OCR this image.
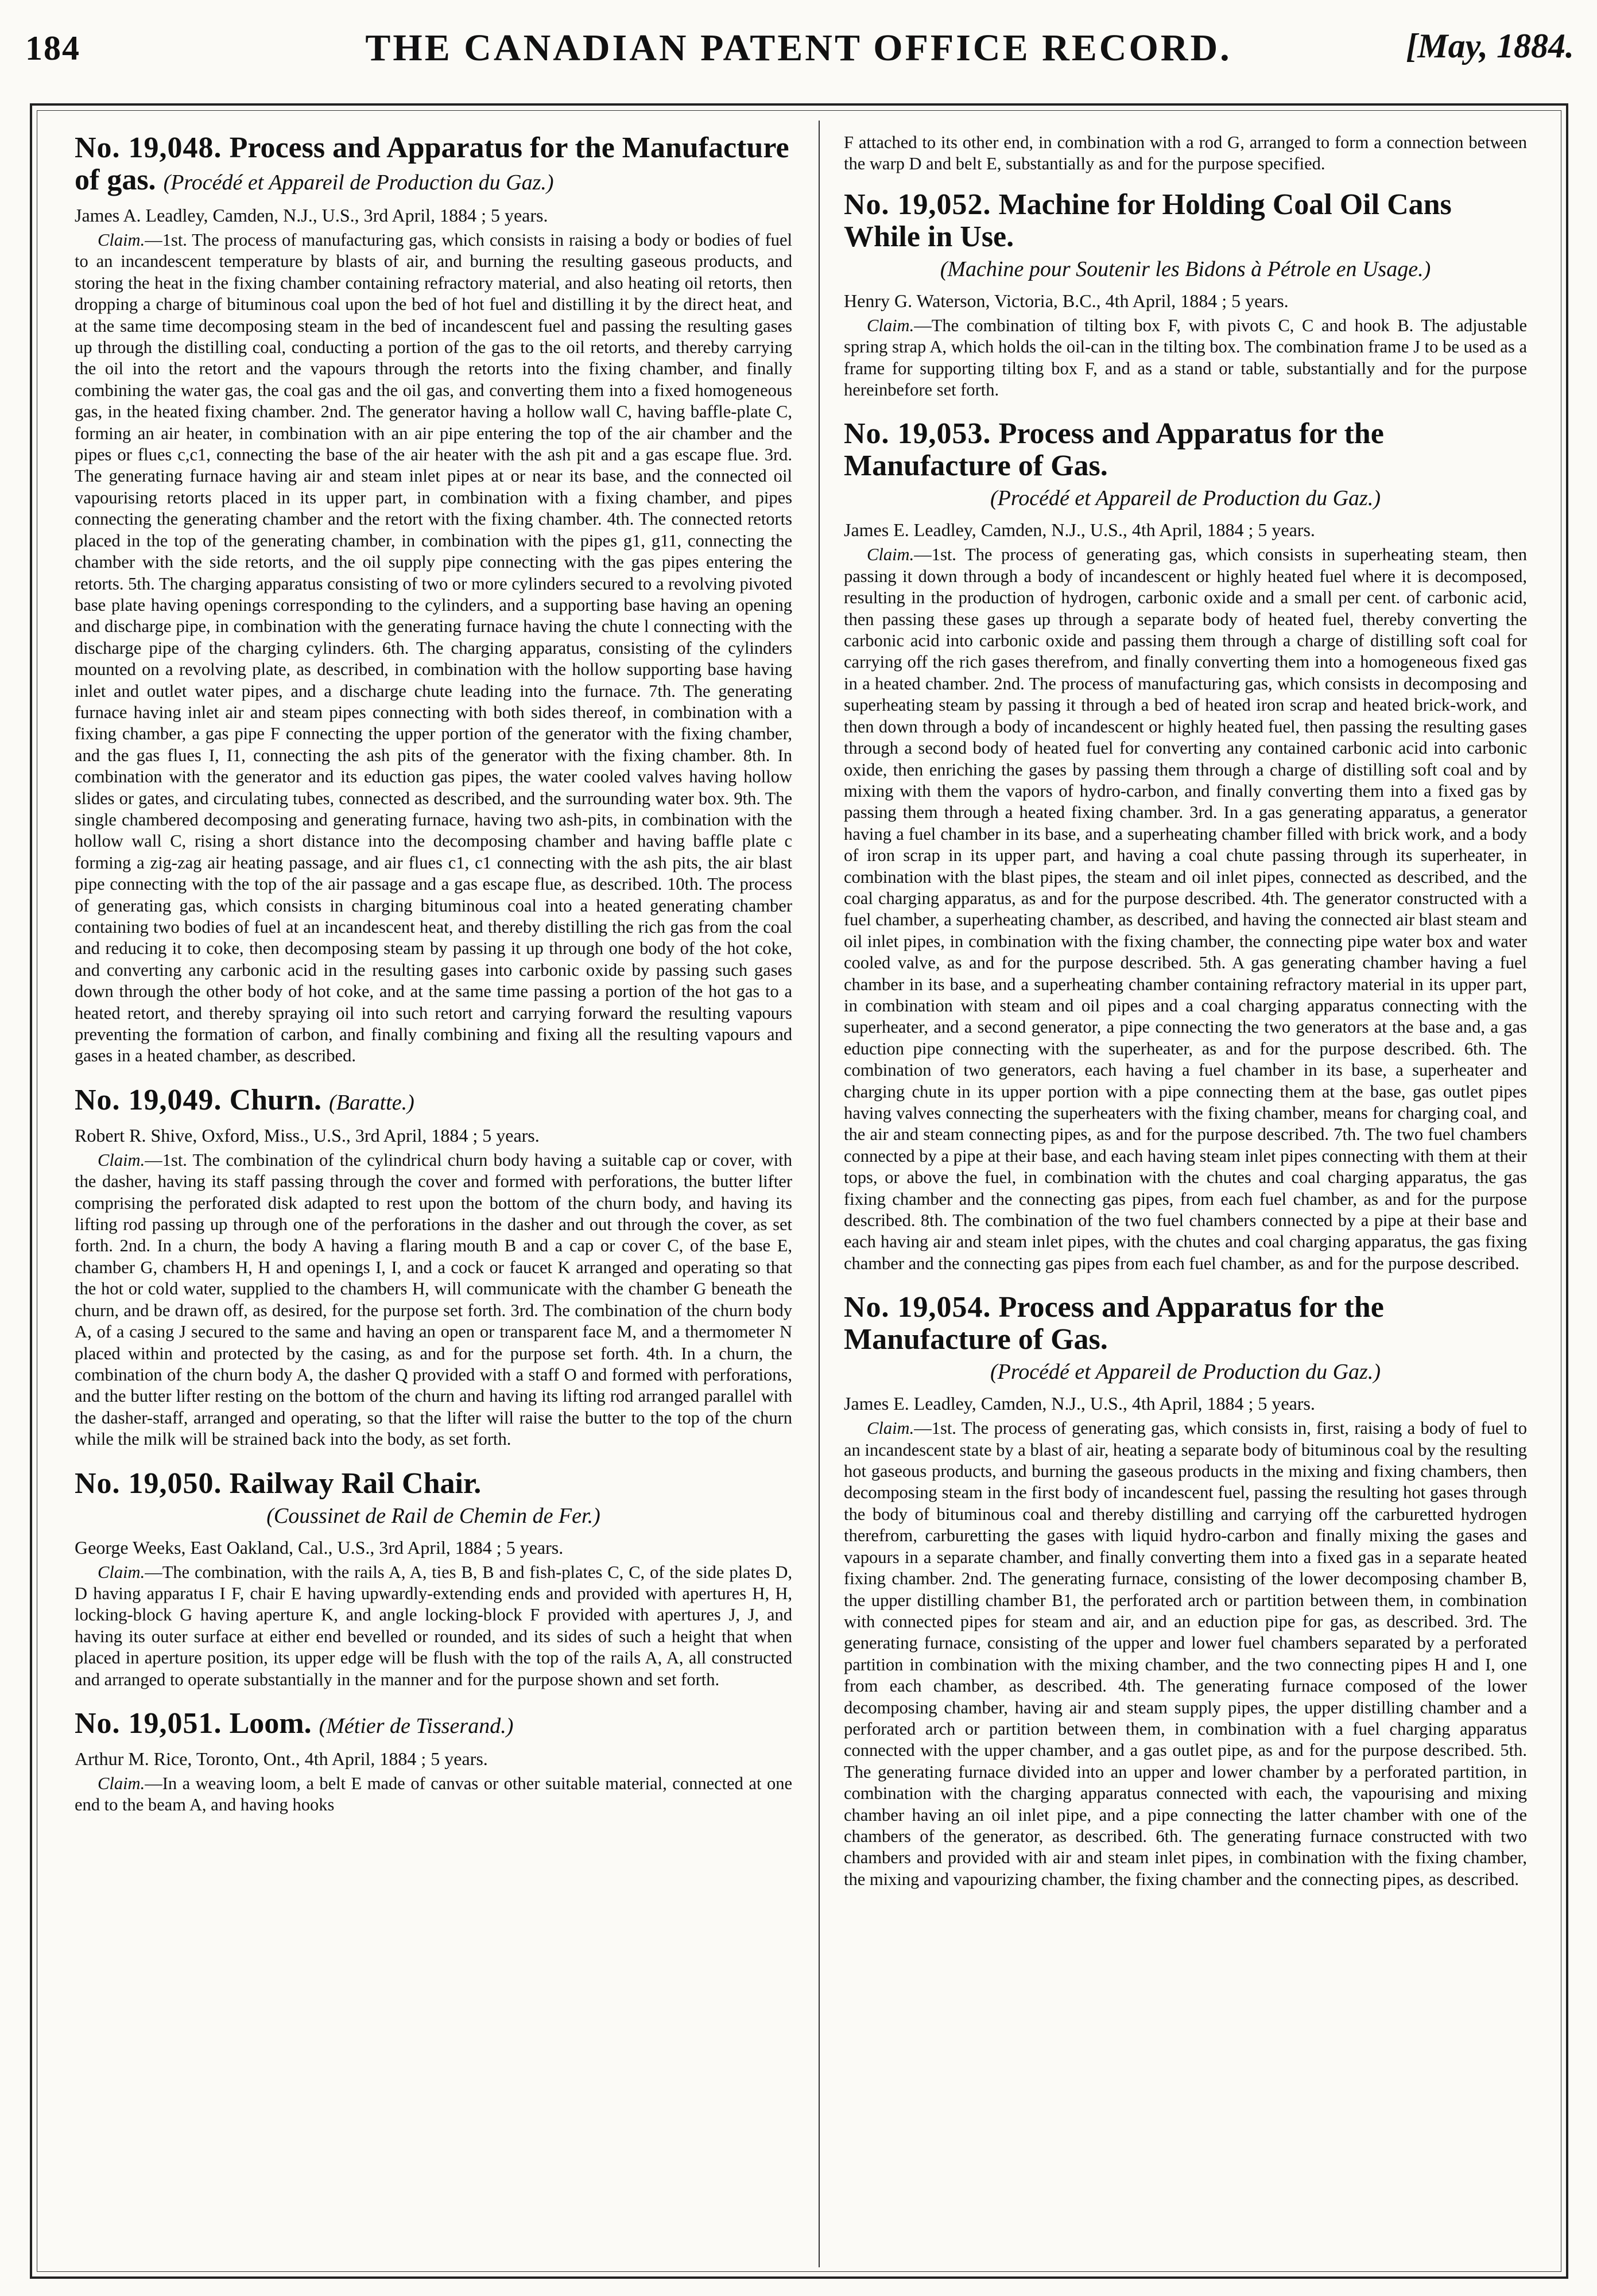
184	THE CANADIAN PATENT OFFICE RECORD.	[May, 1884.
No. 19,048. Process and Apparatus for the Manufacture of gas. (Procédé et Appareil de Production du Gaz.)

James A. Leadley, Camden, N.J., U.S., 3rd April, 1884 ; 5 years.

Claim.—1st. The process of manufacturing gas, which consists in raising a body or bodies of fuel to an incandescent temperature by blasts of air, and burning the resulting gaseous products, and storing the heat in the fixing chamber containing refractory material, and also heating oil retorts, then dropping a charge of bituminous coal upon the bed of hot fuel and distilling it by the direct heat, and at the same time decomposing steam in the bed of incandescent fuel and passing the resulting gases up through the distilling coal, conducting a portion of the gas to the oil retorts, and thereby carrying the oil into the retort and the vapours through the retorts into the fixing chamber, and finally combining the water gas, the coal gas and the oil gas, and converting them into a fixed homogeneous gas, in the heated fixing chamber. 2nd. The generator having a hollow wall C, having baffle-plate C, forming an air heater, in combination with an air pipe entering the top of the air chamber and the pipes or flues c,c1, connecting the base of the air heater with the ash pit and a gas escape flue. 3rd. The generating furnace having air and steam inlet pipes at or near its base, and the connected oil vapourising retorts placed in its upper part, in combination with a fixing chamber, and pipes connecting the generating chamber and the retort with the fixing chamber. 4th. The connected retorts placed in the top of the generating chamber, in combination with the pipes g1, g11, connecting the chamber with the side retorts, and the oil supply pipe connecting with the gas pipes entering the retorts. 5th. The charging apparatus consisting of two or more cylinders secured to a revolving pivoted base plate having openings corresponding to the cylinders, and a supporting base having an opening and discharge pipe, in combination with the generating furnace having the chute l connecting with the discharge pipe of the charging cylinders. 6th. The charging apparatus, consisting of the cylinders mounted on a revolving plate, as described, in combination with the hollow supporting base having inlet and outlet water pipes, and a discharge chute leading into the furnace. 7th. The generating furnace having inlet air and steam pipes connecting with both sides thereof, in combination with a fixing chamber, a gas pipe F connecting the upper portion of the generator with the fixing chamber, and the gas flues I, I1, connecting the ash pits of the generator with the fixing chamber. 8th. In combination with the generator and its eduction gas pipes, the water cooled valves having hollow slides or gates, and circulating tubes, connected as described, and the surrounding water box. 9th. The single chambered decomposing and generating furnace, having two ash-pits, in combination with the hollow wall C, rising a short distance into the decomposing chamber and having baffle plate c forming a zig-zag air heating passage, and air flues c1, c1 connecting with the ash pits, the air blast pipe connecting with the top of the air passage and a gas escape flue, as described. 10th. The process of generating gas, which consists in charging bituminous coal into a heated generating chamber containing two bodies of fuel at an incandescent heat, and thereby distilling the rich gas from the coal and reducing it to coke, then decomposing steam by passing it up through one body of the hot coke, and converting any carbonic acid in the resulting gases into carbonic oxide by passing such gases down through the other body of hot coke, and at the same time passing a portion of the hot gas to a heated retort, and thereby spraying oil into such retort and carrying forward the resulting vapours preventing the formation of carbon, and finally combining and fixing all the resulting vapours and gases in a heated chamber, as described.

No. 19,049. Churn. (Baratte.)

Robert R. Shive, Oxford, Miss., U.S., 3rd April, 1884 ; 5 years.

Claim.—1st. The combination of the cylindrical churn body having a suitable cap or cover, with the dasher, having its staff passing through the cover and formed with perforations, the butter lifter comprising the perforated disk adapted to rest upon the bottom of the churn body, and having its lifting rod passing up through one of the perforations in the dasher and out through the cover, as set forth. 2nd. In a churn, the body A having a flaring mouth B and a cap or cover C, of the base E, chamber G, chambers H, H and openings I, I, and a cock or faucet K arranged and operating so that the hot or cold water, supplied to the chambers H, will communicate with the chamber G beneath the churn, and be drawn off, as desired, for the purpose set forth. 3rd. The combination of the churn body A, of a casing J secured to the same and having an open or transparent face M, and a thermometer N placed within and protected by the casing, as and for the purpose set forth. 4th. In a churn, the combination of the churn body A, the dasher Q provided with a staff O and formed with perforations, and the butter lifter resting on the bottom of the churn and having its lifting rod arranged parallel with the dasher-staff, arranged and operating, so that the lifter will raise the butter to the top of the churn while the milk will be strained back into the body, as set forth.

No. 19,050. Railway Rail Chair.
(Coussinet de Rail de Chemin de Fer.)

George Weeks, East Oakland, Cal., U.S., 3rd April, 1884 ; 5 years.

Claim.—The combination, with the rails A, A, ties B, B and fish-plates C, C, of the side plates D, D having apparatus I F, chair E having upwardly-extending ends and provided with apertures H, H, locking-block G having aperture K, and angle locking-block F provided with apertures J, J, and having its outer surface at either end bevelled or rounded, and its sides of such a height that when placed in aperture position, its upper edge will be flush with the top of the rails A, A, all constructed and arranged to operate substantially in the manner and for the purpose shown and set forth.

No. 19,051. Loom. (Métier de Tisserand.)

Arthur M. Rice, Toronto, Ont., 4th April, 1884 ; 5 years.

Claim.—In a weaving loom, a belt E made of canvas or other suitable material, connected at one end to the beam A, and having hooks

F attached to its other end, in combination with a rod G, arranged to form a connection between the warp D and belt E, substantially as and for the purpose specified.

No. 19,052. Machine for Holding Coal Oil Cans While in Use.
(Machine pour Soutenir les Bidons à Pétrole en Usage.)

Henry G. Waterson, Victoria, B.C., 4th April, 1884 ; 5 years.

Claim.—The combination of tilting box F, with pivots C, C and hook B. The adjustable spring strap A, which holds the oil-can in the tilting box. The combination frame J to be used as a frame for supporting tilting box F, and as a stand or table, substantially and for the purpose hereinbefore set forth.

No. 19,053. Process and Apparatus for the Manufacture of Gas.
(Procédé et Appareil de Production du Gaz.)

James E. Leadley, Camden, N.J., U.S., 4th April, 1884 ; 5 years.

Claim.—1st. The process of generating gas, which consists in superheating steam, then passing it down through a body of incandescent or highly heated fuel where it is decomposed, resulting in the production of hydrogen, carbonic oxide and a small per cent. of carbonic acid, then passing these gases up through a separate body of heated fuel, thereby converting the carbonic acid into carbonic oxide and passing them through a charge of distilling soft coal for carrying off the rich gases therefrom, and finally converting them into a homogeneous fixed gas in a heated chamber. 2nd. The process of manufacturing gas, which consists in decomposing and superheating steam by passing it through a bed of heated iron scrap and heated brick-work, and then down through a body of incandescent or highly heated fuel, then passing the resulting gases through a second body of heated fuel for converting any contained carbonic acid into carbonic oxide, then enriching the gases by passing them through a charge of distilling soft coal and by mixing with them the vapors of hydro-carbon, and finally converting them into a fixed gas by passing them through a heated fixing chamber. 3rd. In a gas generating apparatus, a generator having a fuel chamber in its base, and a superheating chamber filled with brick work, and a body of iron scrap in its upper part, and having a coal chute passing through its superheater, in combination with the blast pipes, the steam and oil inlet pipes, connected as described, and the coal charging apparatus, as and for the purpose described. 4th. The generator constructed with a fuel chamber, a superheating chamber, as described, and having the connected air blast steam and oil inlet pipes, in combination with the fixing chamber, the connecting pipe water box and water cooled valve, as and for the purpose described. 5th. A gas generating chamber having a fuel chamber in its base, and a superheating chamber containing refractory material in its upper part, in combination with steam and oil pipes and a coal charging apparatus connecting with the superheater, and a second generator, a pipe connecting the two generators at the base and, a gas eduction pipe connecting with the superheater, as and for the purpose described. 6th. The combination of two generators, each having a fuel chamber in its base, a superheater and charging chute in its upper portion with a pipe connecting them at the base, gas outlet pipes having valves connecting the superheaters with the fixing chamber, means for charging coal, and the air and steam connecting pipes, as and for the purpose described. 7th. The two fuel chambers connected by a pipe at their base, and each having steam inlet pipes connecting with them at their tops, or above the fuel, in combination with the chutes and coal charging apparatus, the gas fixing chamber and the connecting gas pipes, from each fuel chamber, as and for the purpose described. 8th. The combination of the two fuel chambers connected by a pipe at their base and each having air and steam inlet pipes, with the chutes and coal charging apparatus, the gas fixing chamber and the connecting gas pipes from each fuel chamber, as and for the purpose described.

No. 19,054. Process and Apparatus for the Manufacture of Gas.
(Procédé et Appareil de Production du Gaz.)

James E. Leadley, Camden, N.J., U.S., 4th April, 1884 ; 5 years.

Claim.—1st. The process of generating gas, which consists in, first, raising a body of fuel to an incandescent state by a blast of air, heating a separate body of bituminous coal by the resulting hot gaseous products, and burning the gaseous products in the mixing and fixing chambers, then decomposing steam in the first body of incandescent fuel, passing the resulting hot gases through the body of bituminous coal and thereby distilling and carrying off the carburetted hydrogen therefrom, carburetting the gases with liquid hydro-carbon and finally mixing the gases and vapours in a separate chamber, and finally converting them into a fixed gas in a separate heated fixing chamber. 2nd. The generating furnace, consisting of the lower decomposing chamber B, the upper distilling chamber B1, the perforated arch or partition between them, in combination with connected pipes for steam and air, and an eduction pipe for gas, as described. 3rd. The generating furnace, consisting of the upper and lower fuel chambers separated by a perforated partition in combination with the mixing chamber, and the two connecting pipes H and I, one from each chamber, as described. 4th. The generating furnace composed of the lower decomposing chamber, having air and steam supply pipes, the upper distilling chamber and a perforated arch or partition between them, in combination with a fuel charging apparatus connected with the upper chamber, and a gas outlet pipe, as and for the purpose described. 5th. The generating furnace divided into an upper and lower chamber by a perforated partition, in combination with the charging apparatus connected with each, the vapourising and mixing chamber having an oil inlet pipe, and a pipe connecting the latter chamber with one of the chambers of the generator, as described. 6th. The generating furnace constructed with two chambers and provided with air and steam inlet pipes, in combination with the fixing chamber, the mixing and vapourizing chamber, the fixing chamber and the connecting pipes, as described.
